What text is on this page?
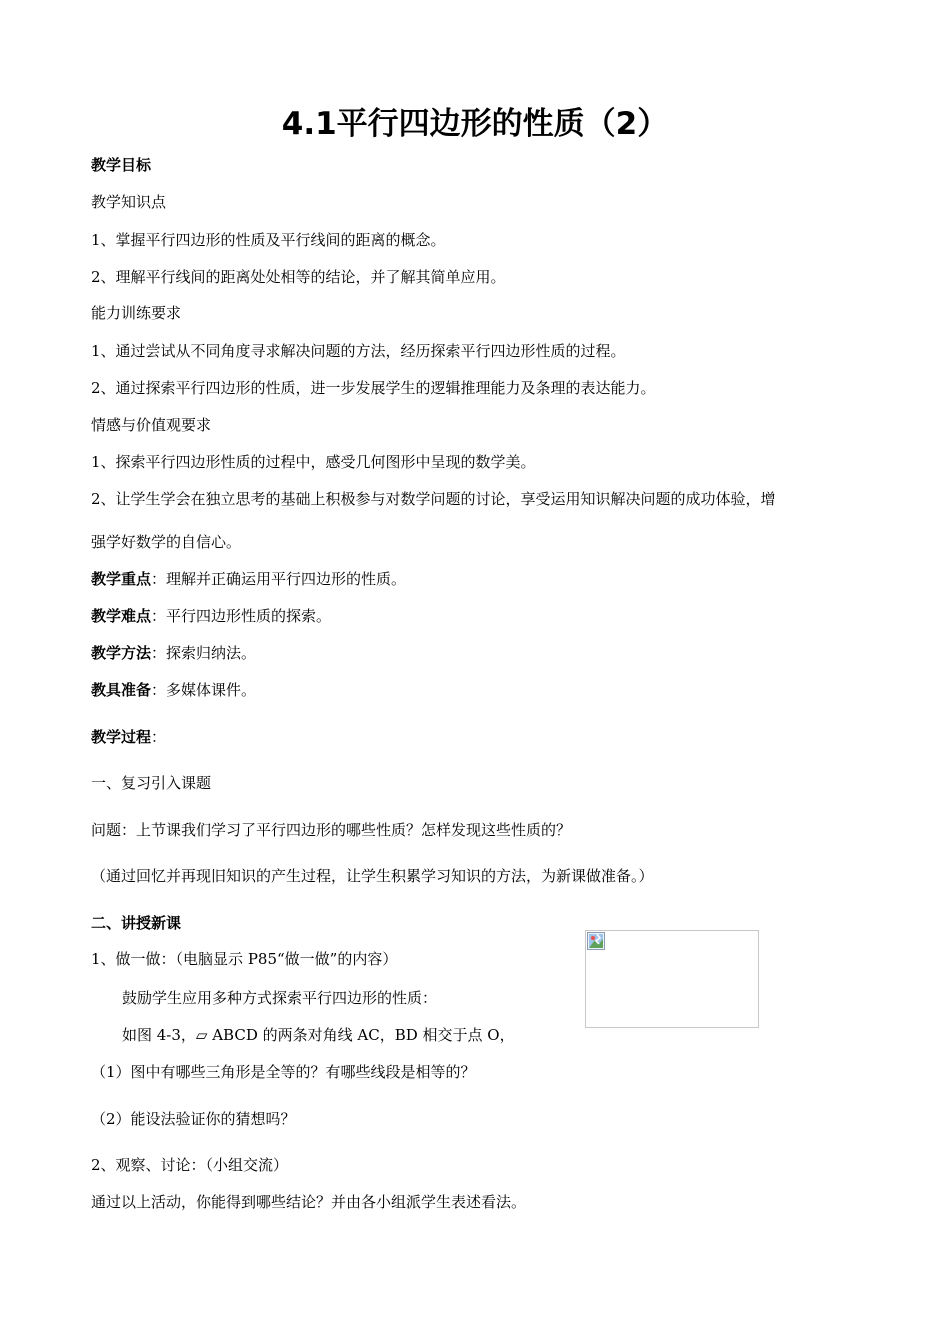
4.1平行四边形的性质（2）

教学目标

教学知识点

1、掌握平行四边形的性质及平行线间的距离的概念。

2、理解平行线间的距离处处相等的结论，并了解其简单应用。

能力训练要求

1、通过尝试从不同角度寻求解决问题的方法，经历探索平行四边形性质的过程。

2、通过探索平行四边形的性质，进一步发展学生的逻辑推理能力及条理的表达能力。

情感与价值观要求

1、探索平行四边形性质的过程中，感受几何图形中呈现的数学美。

2、让学生学会在独立思考的基础上积极参与对数学问题的讨论，享受运用知识解决问题的成功体验，增

强学好数学的自信心。

教学重点：理解并正确运用平行四边形的性质。

教学难点：平行四边形性质的探索。

教学方法：探索归纳法。

教具准备：多媒体课件。

教学过程：

一、复习引入课题

问题：上节课我们学习了平行四边形的哪些性质？怎样发现这些性质的？

（通过回忆并再现旧知识的产生过程，让学生积累学习知识的方法，为新课做准备。）

二、讲授新课

1、做一做：（电脑显示 P85“做一做”的内容）

鼓励学生应用多种方式探索平行四边形的性质：

如图 4-3，▱ ABCD 的两条对角线 AC，BD 相交于点 O，

（1）图中有哪些三角形是全等的？有哪些线段是相等的？

（2）能设法验证你的猜想吗？

2、观察、讨论：（小组交流）

通过以上活动，你能得到哪些结论？并由各小组派学生表述看法。
